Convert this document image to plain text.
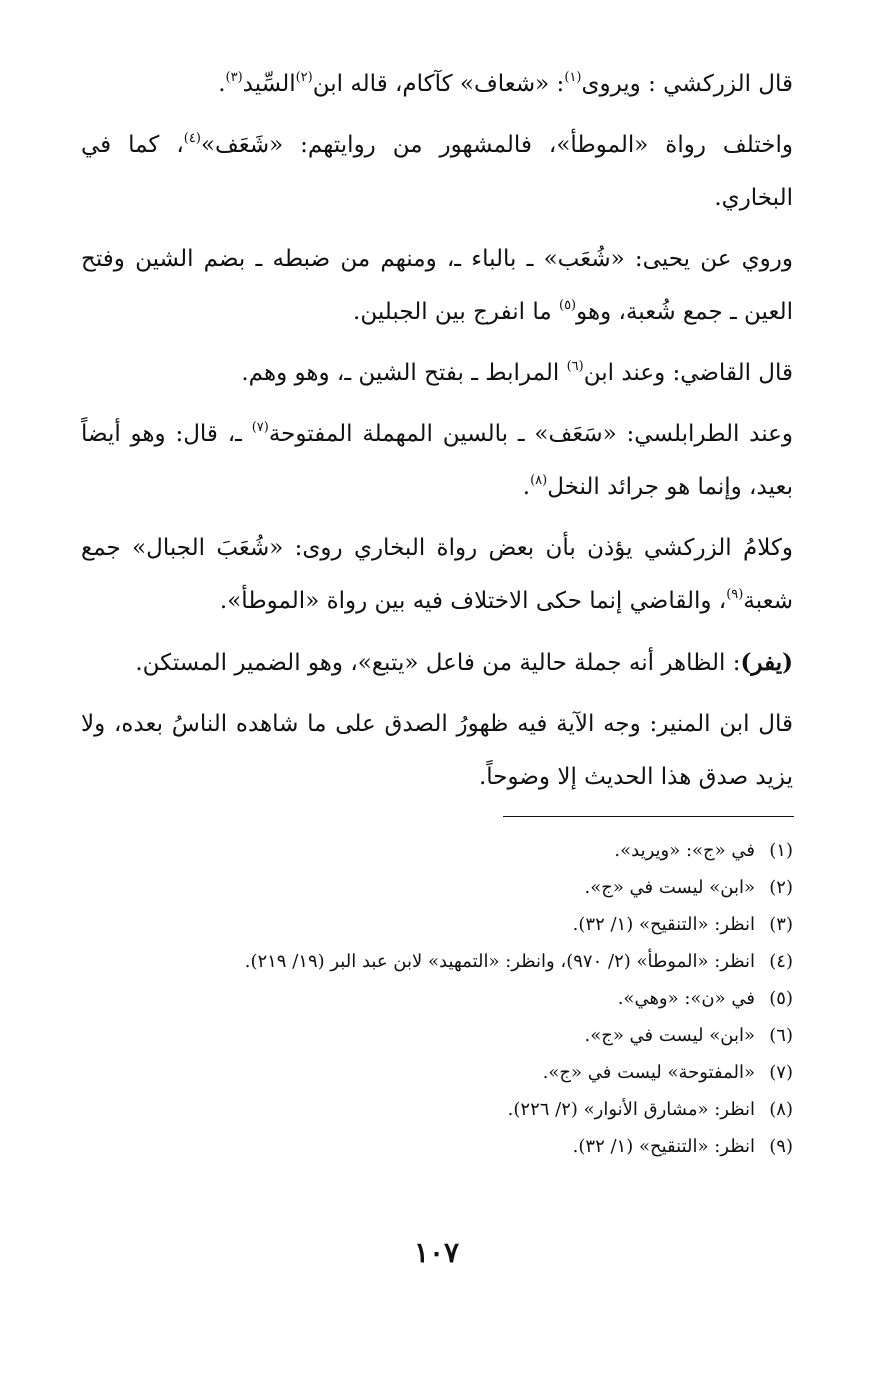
قال الزركشي : ويروى$^{(١)}$: «شعاف» كآكام، قاله ابن$^{(٢)}$السِّيد$^{(٣)}$.

واختلف رواة «الموطأ»، فالمشهور من روايتهم: «شَعَف»$^{(٤)}$، كما في البخاري.

وروي عن يحيى: «شُعَب» ـ بالباء ـ، ومنهم من ضبطه ـ بضم الشين وفتح العين ـ جمع شُعبة، وهو$^{(٥)}$ ما انفرج بين الجبلين.

قال القاضي: وعند ابن$^{(٦)}$ المرابط ـ بفتح الشين ـ، وهو وهم.

وعند الطرابلسي: «سَعَف» ـ بالسين المهملة المفتوحة$^{(٧)}$ ـ، قال: وهو أيضاً بعيد، وإنما هو جرائد النخل$^{(٨)}$.

وكلامُ الزركشي يؤذن بأن بعض رواة البخاري روى: «شُعَبَ الجبال» جمع شعبة$^{(٩)}$، والقاضي إنما حكى الاختلاف فيه بين رواة «الموطأ».

(يفر): الظاهر أنه جملة حالية من فاعل «يتبع»، وهو الضمير المستكن.

قال ابن المنير: وجه الآية فيه ظهورُ الصدق على ما شاهده الناسُ بعده، ولا يزيد صدق هذا الحديث إلا وضوحاً.

(١)في «ج»: «ويريد».
(٢)«ابن» ليست في «ج».
(٣)انظر: «التنقيح» (١/ ٣٢).
(٤)انظر: «الموطأ» (٢/ ٩٧٠)، وانظر: «التمهيد» لابن عبد البر (١٩/ ٢١٩).
(٥)في «ن»: «وهي».
(٦)«ابن» ليست في «ج».
(٧)«المفتوحة» ليست في «ج».
(٨)انظر: «مشارق الأنوار» (٢/ ٢٢٦).
(٩)انظر: «التنقيح» (١/ ٣٢).
١٠٧
